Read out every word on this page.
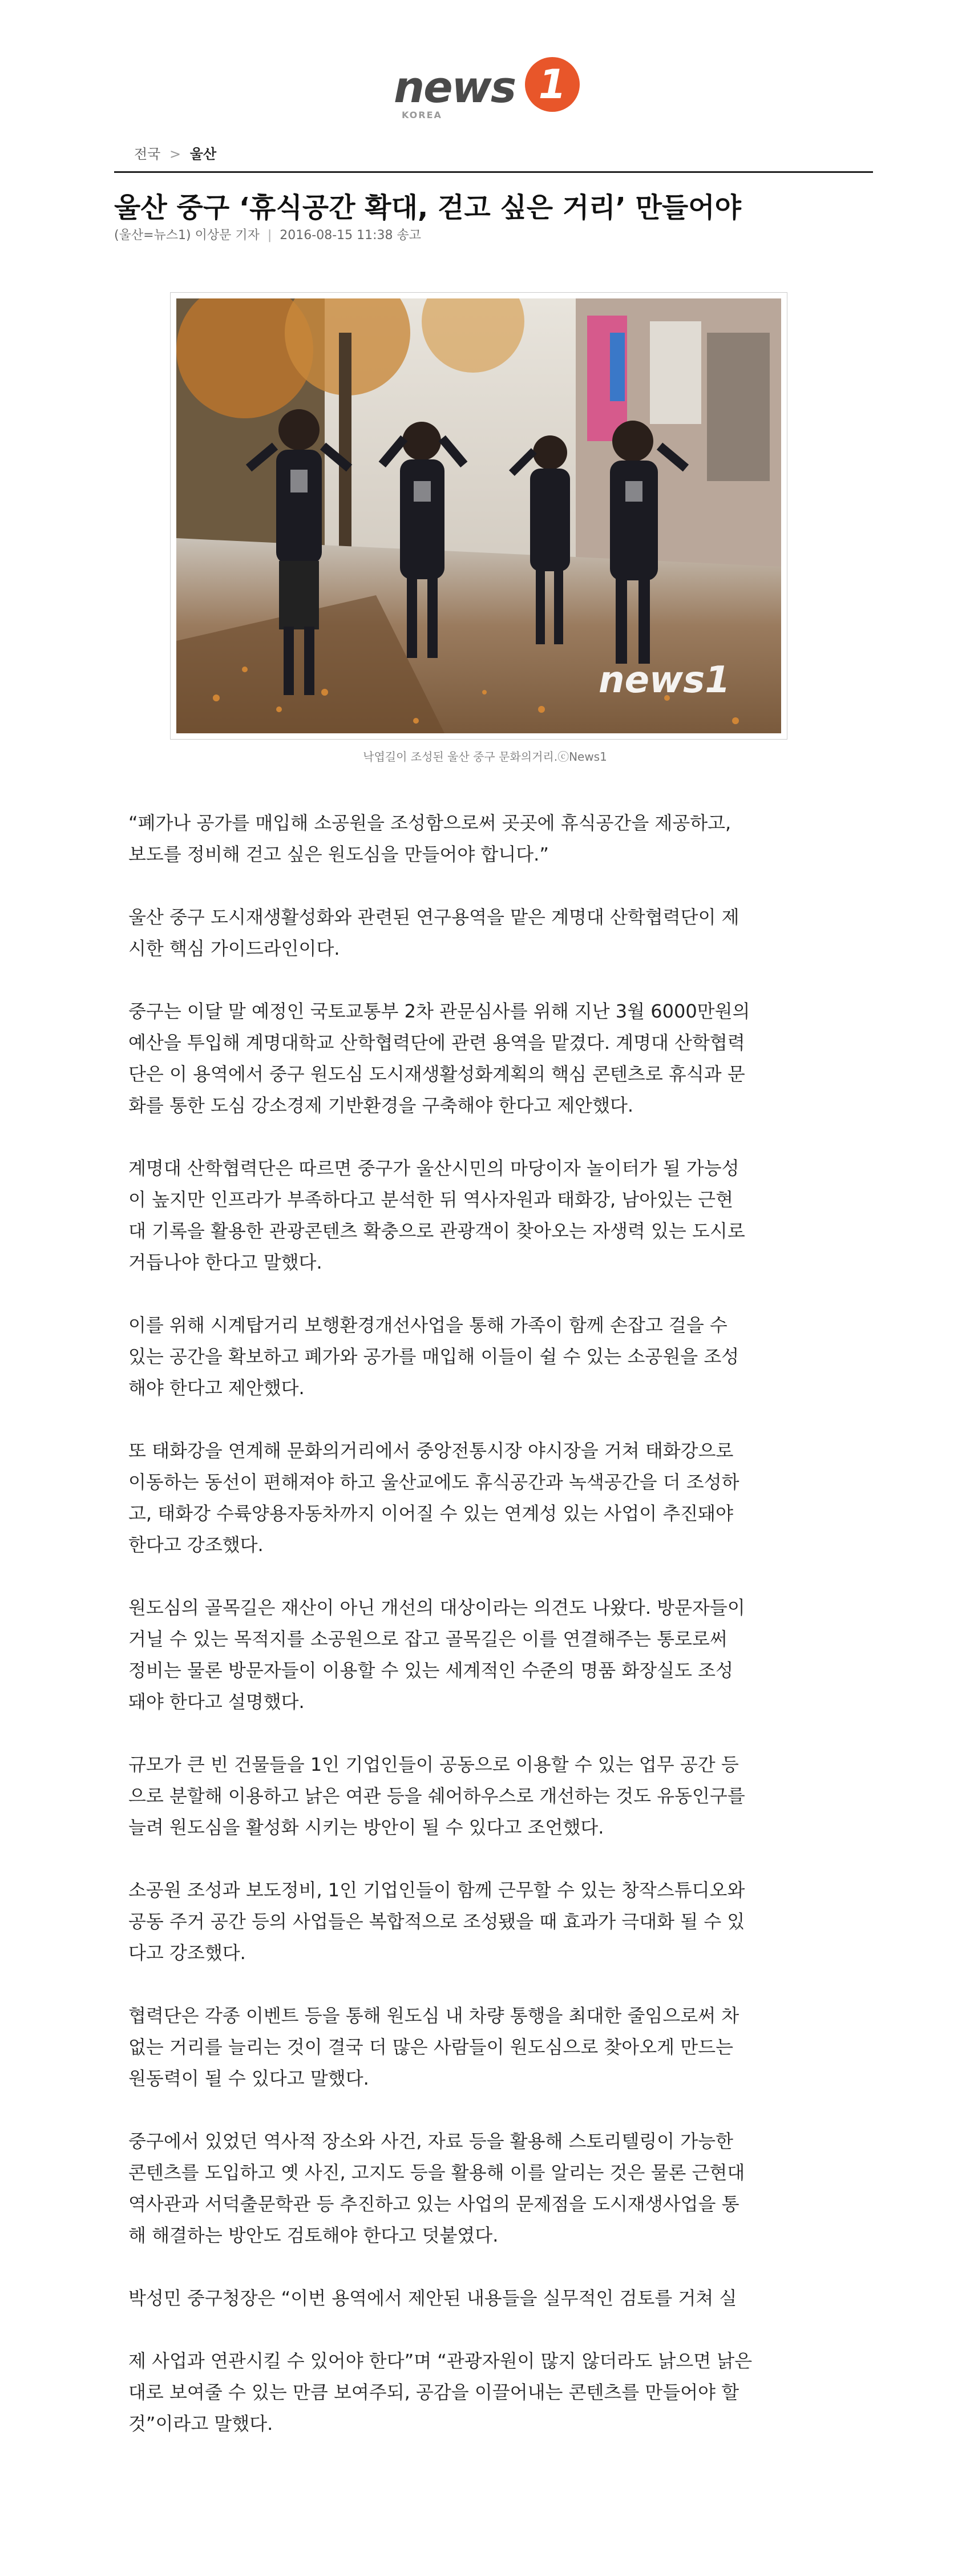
news 1
KOREA
전국 > 울산
울산 중구 ‘휴식공간 확대, 걷고 싶은 거리’ 만들어야
(울산=뉴스1) 이상문 기자 | 2016-08-15 11:38 송고
news1
낙엽길이 조성된 울산 중구 문화의거리.ⓒNews1

“폐가나 공가를 매입해 소공원을 조성함으로써 곳곳에 휴식공간을 제공하고,

보도를 정비해 걷고 싶은 원도심을 만들어야 합니다.”

울산 중구 도시재생활성화와 관련된 연구용역을 맡은 계명대 산학협력단이 제

시한 핵심 가이드라인이다.

중구는 이달 말 예정인 국토교통부 2차 관문심사를 위해 지난 3월 6000만원의

예산을 투입해 계명대학교 산학협력단에 관련 용역을 맡겼다. 계명대 산학협력

단은 이 용역에서 중구 원도심 도시재생활성화계획의 핵심 콘텐츠로 휴식과 문

화를 통한 도심 강소경제 기반환경을 구축해야 한다고 제안했다.

계명대 산학협력단은 따르면 중구가 울산시민의 마당이자 놀이터가 될 가능성

이 높지만 인프라가 부족하다고 분석한 뒤 역사자원과 태화강, 남아있는 근현

대 기록을 활용한 관광콘텐츠 확충으로 관광객이 찾아오는 자생력 있는 도시로

거듭나야 한다고 말했다.

이를 위해 시계탑거리 보행환경개선사업을 통해 가족이 함께 손잡고 걸을 수

있는 공간을 확보하고 폐가와 공가를 매입해 이들이 쉴 수 있는 소공원을 조성

해야 한다고 제안했다.

또 태화강을 연계해 문화의거리에서 중앙전통시장 야시장을 거쳐 태화강으로

이동하는 동선이 편해져야 하고 울산교에도 휴식공간과 녹색공간을 더 조성하

고, 태화강 수륙양용자동차까지 이어질 수 있는 연계성 있는 사업이 추진돼야

한다고 강조했다.

원도심의 골목길은 재산이 아닌 개선의 대상이라는 의견도 나왔다. 방문자들이

거닐 수 있는 목적지를 소공원으로 잡고 골목길은 이를 연결해주는 통로로써

정비는 물론 방문자들이 이용할 수 있는 세계적인 수준의 명품 화장실도 조성

돼야 한다고 설명했다.

규모가 큰 빈 건물들을 1인 기업인들이 공동으로 이용할 수 있는 업무 공간 등

으로 분할해 이용하고 낡은 여관 등을 쉐어하우스로 개선하는 것도 유동인구를

늘려 원도심을 활성화 시키는 방안이 될 수 있다고 조언했다.

소공원 조성과 보도정비, 1인 기업인들이 함께 근무할 수 있는 창작스튜디오와

공동 주거 공간 등의 사업들은 복합적으로 조성됐을 때 효과가 극대화 될 수 있

다고 강조했다.

협력단은 각종 이벤트 등을 통해 원도심 내 차량 통행을 최대한 줄임으로써 차

없는 거리를 늘리는 것이 결국 더 많은 사람들이 원도심으로 찾아오게 만드는

원동력이 될 수 있다고 말했다.

중구에서 있었던 역사적 장소와 사건, 자료 등을 활용해 스토리텔링이 가능한

콘텐츠를 도입하고 옛 사진, 고지도 등을 활용해 이를 알리는 것은 물론 근현대

역사관과 서덕출문학관 등 추진하고 있는 사업의 문제점을 도시재생사업을 통

해 해결하는 방안도 검토해야 한다고 덧붙였다.

박성민 중구청장은 “이번 용역에서 제안된 내용들을 실무적인 검토를 거쳐 실

제 사업과 연관시킬 수 있어야 한다”며 “관광자원이 많지 않더라도 낡으면 낡은

대로 보여줄 수 있는 만큼 보여주되, 공감을 이끌어내는 콘텐츠를 만들어야 할

것”이라고 말했다.
